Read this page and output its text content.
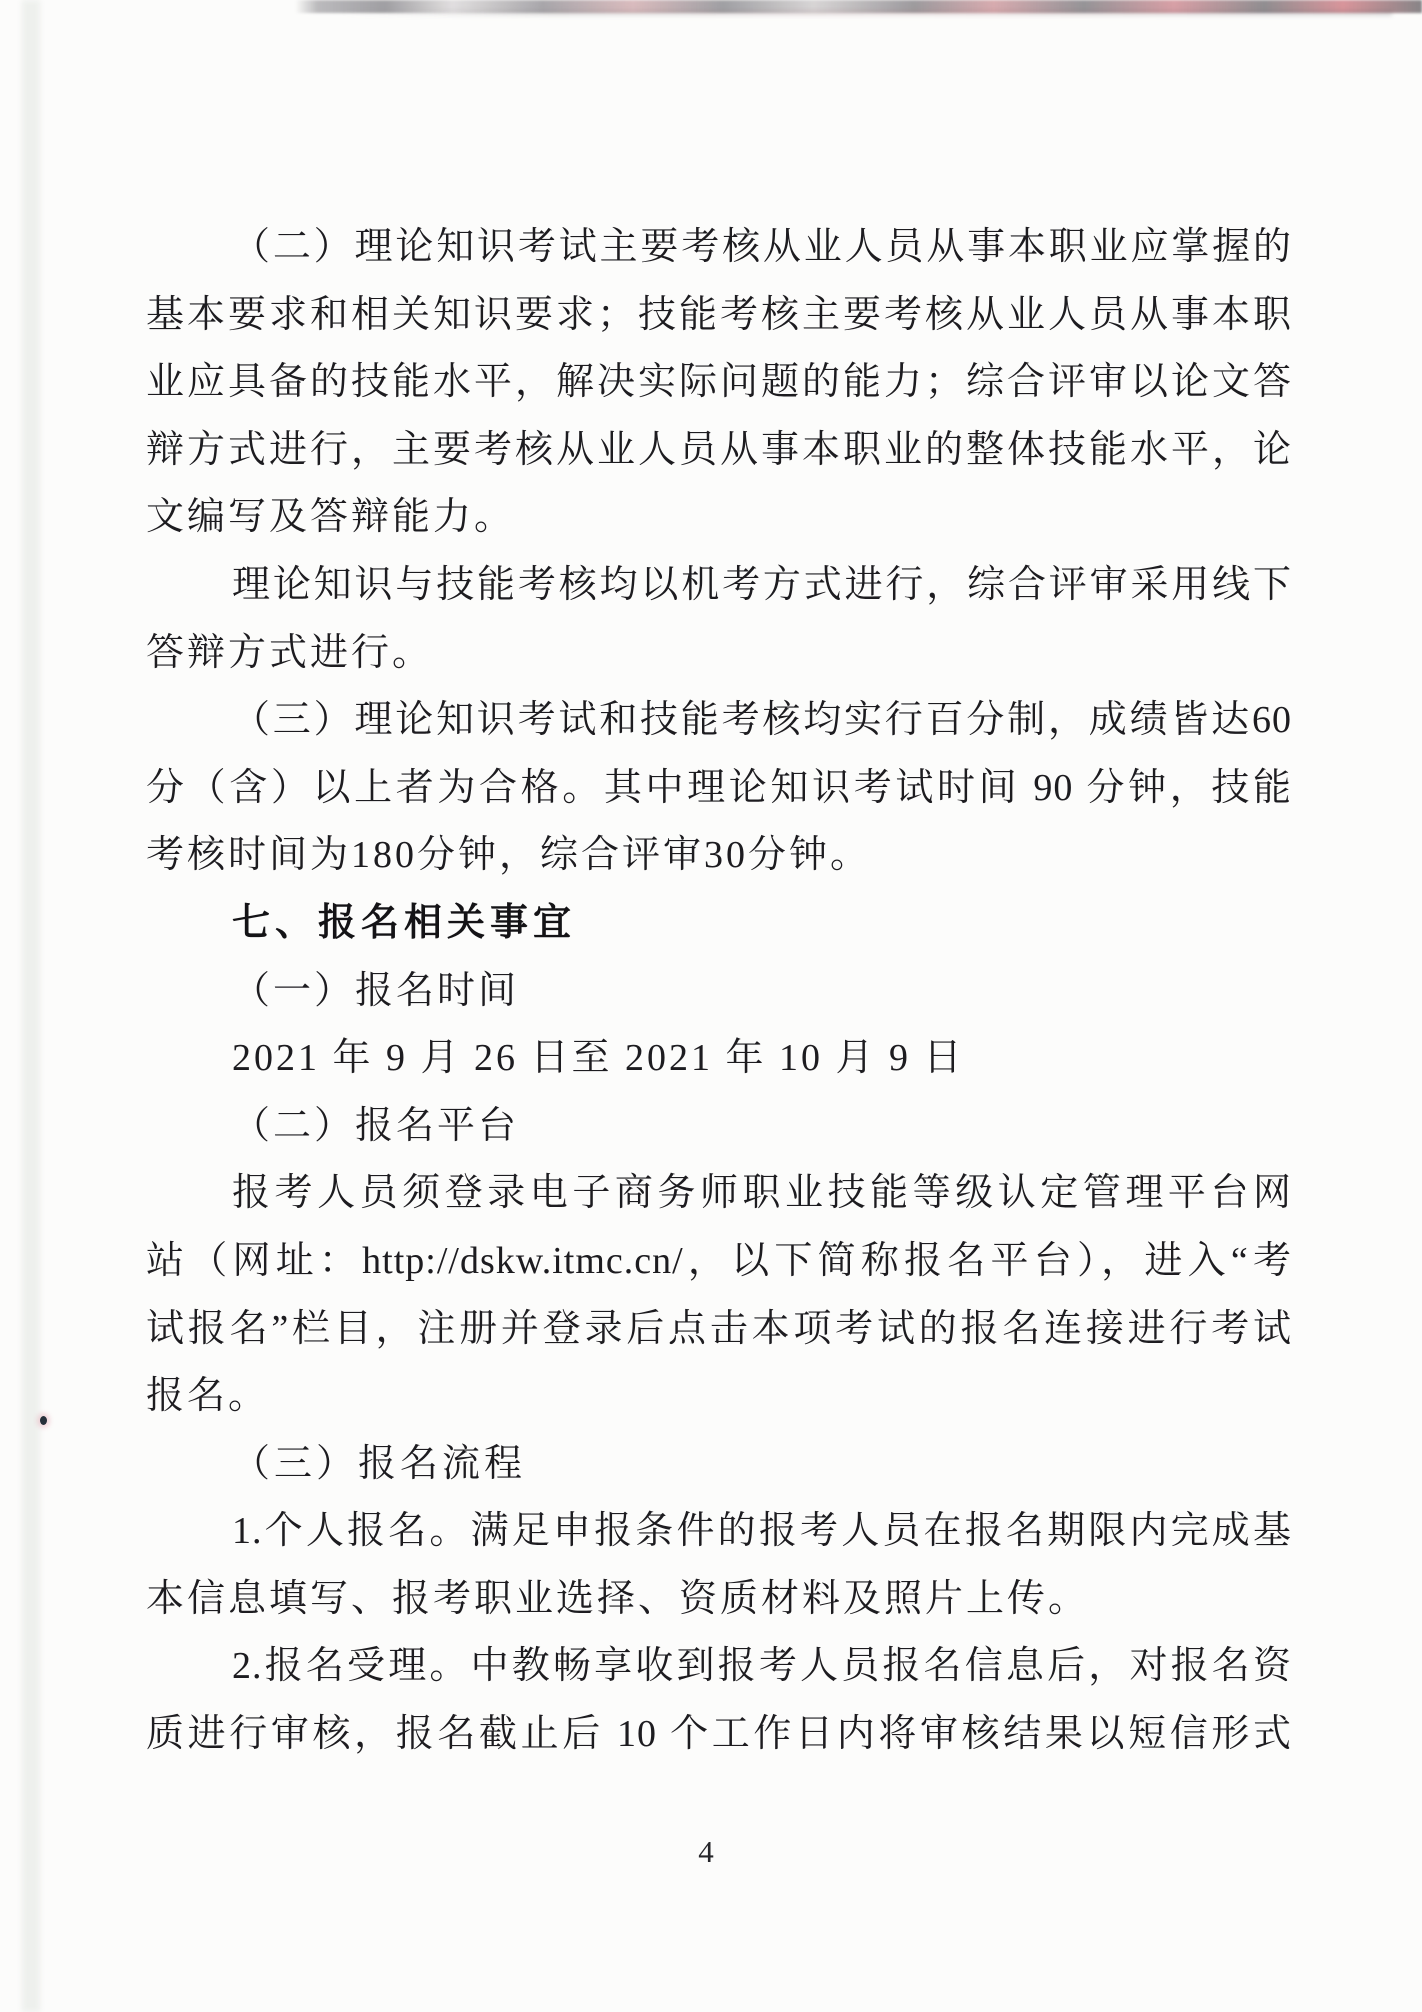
（二）理论知识考试主要考核从业人员从事本职业应掌握的
基本要求和相关知识要求；技能考核主要考核从业人员从事本职
业应具备的技能水平，解决实际问题的能力；综合评审以论文答
辩方式进行，主要考核从业人员从事本职业的整体技能水平，论
文编写及答辩能力。
理论知识与技能考核均以机考方式进行，综合评审采用线下
答辩方式进行。
（三）理论知识考试和技能考核均实行百分制，成绩皆达60
分（含）以上者为合格。其中理论知识考试时间 90 分钟，技能
考核时间为180分钟，综合评审30分钟。
七、报名相关事宜
（一）报名时间
2021 年 9 月 26 日至 2021 年 10 月 9 日
（二）报名平台
报考人员须登录电子商务师职业技能等级认定管理平台网
站（网址：http://dskw.itmc.cn/，以下简称报名平台），进入“考
试报名”栏目，注册并登录后点击本项考试的报名连接进行考试
报名。
（三）报名流程
1.个人报名。满足申报条件的报考人员在报名期限内完成基
本信息填写、报考职业选择、资质材料及照片上传。
2.报名受理。中教畅享收到报考人员报名信息后，对报名资
质进行审核，报名截止后 10 个工作日内将审核结果以短信形式
4
